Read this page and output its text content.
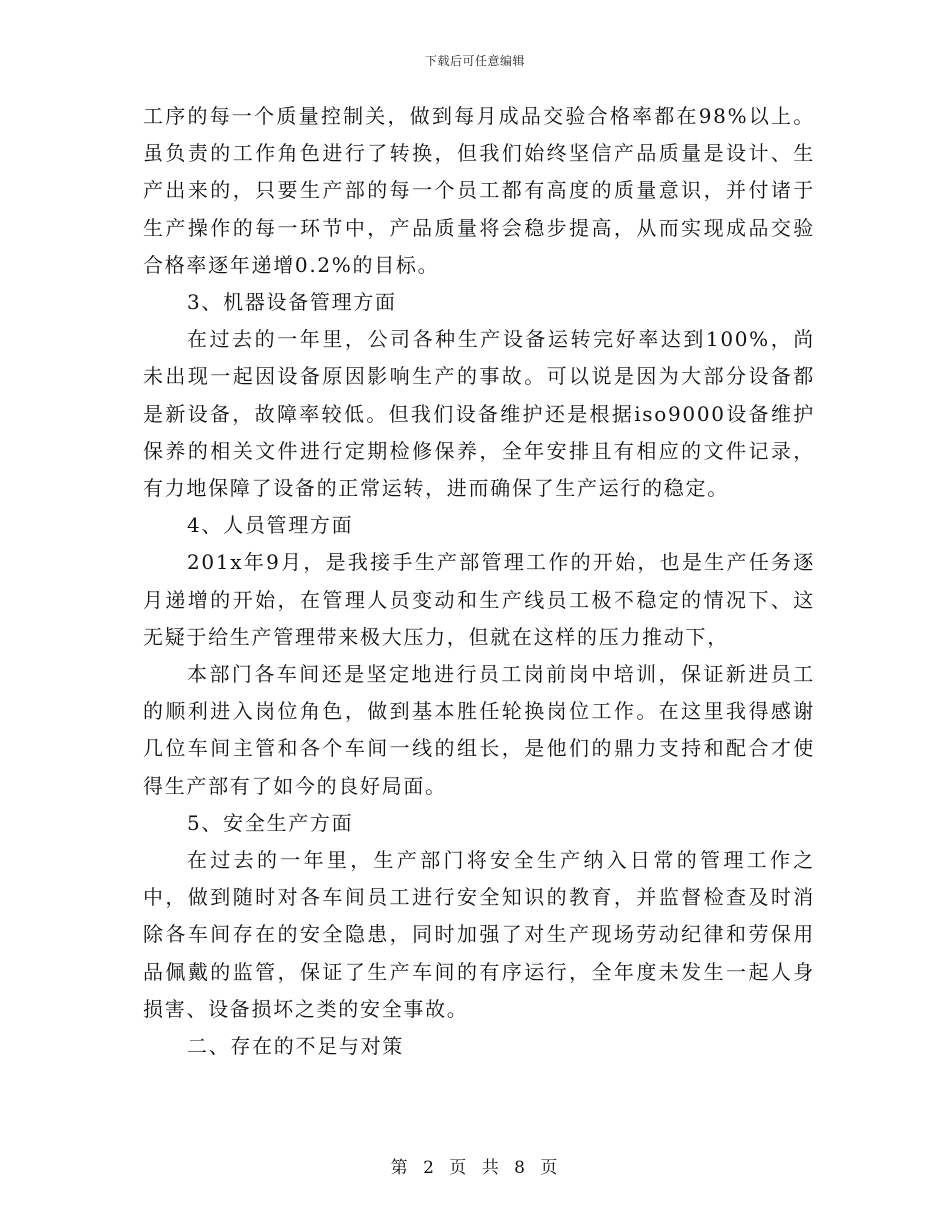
下载后可任意编辑

工序的每一个质量控制关，做到每月成品交验合格率都在98%以上。虽负责的工作角色进行了转换，但我们始终坚信产品质量是设计、生产出来的，只要生产部的每一个员工都有高度的质量意识，并付诸于生产操作的每一环节中，产品质量将会稳步提高，从而实现成品交验合格率逐年递增0.2%的目标。

3、机器设备管理方面

在过去的一年里，公司各种生产设备运转完好率达到100%，尚未出现一起因设备原因影响生产的事故。可以说是因为大部分设备都是新设备，故障率较低。但我们设备维护还是根据iso9000设备维护保养的相关文件进行定期检修保养，全年安排且有相应的文件记录，有力地保障了设备的正常运转，进而确保了生产运行的稳定。

4、人员管理方面

201x年9月，是我接手生产部管理工作的开始，也是生产任务逐月递增的开始，在管理人员变动和生产线员工极不稳定的情况下、这无疑于给生产管理带来极大压力，但就在这样的压力推动下，

本部门各车间还是坚定地进行员工岗前岗中培训，保证新进员工的顺利进入岗位角色，做到基本胜任轮换岗位工作。在这里我得感谢几位车间主管和各个车间一线的组长，是他们的鼎力支持和配合才使得生产部有了如今的良好局面。

5、安全生产方面

在过去的一年里，生产部门将安全生产纳入日常的管理工作之中，做到随时对各车间员工进行安全知识的教育，并监督检查及时消除各车间存在的安全隐患，同时加强了对生产现场劳动纪律和劳保用品佩戴的监管，保证了生产车间的有序运行，全年度未发生一起人身损害、设备损坏之类的安全事故。

二、存在的不足与对策

第 2 页 共 8 页
